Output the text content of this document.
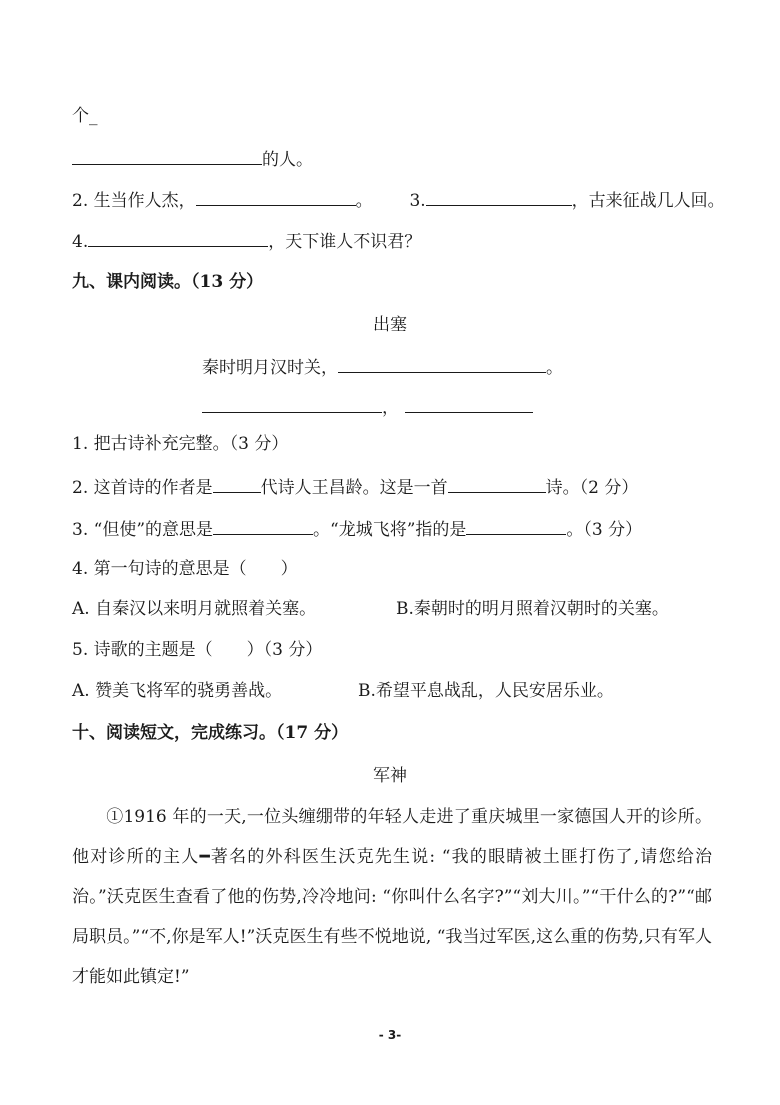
个_
的人。
2. 生当作人杰，	。 3.	，古来征战几人回。
4.	，天下谁人不识君？
九、课内阅读。（13 分）
出塞
秦时明月汉时关，	。
，
1. 把古诗补充完整。（3 分）
2. 这首诗的作者是	代诗人王昌龄。这是一首	诗。（2 分）
3. “但使”的意思是	。“龙城飞将”指的是	。（3 分）
4. 第一句诗的意思是（　　）
A. 自秦汉以来明月就照着关塞。	B.秦朝时的明月照着汉朝时的关塞。
5. 诗歌的主题是（　　）（3 分）
A. 赞美飞将军的骁勇善战。	B.希望平息战乱，人民安居乐业。
十、阅读短文，完成练习。（17 分）
军神
①1916 年的一天,一位头缠绷带的年轻人走进了重庆城里一家德国人开的诊所。他对诊所的主人━著名的外科医生沃克先生说: “我的眼睛被土匪打伤了,请您给治治。”沃克医生查看了他的伤势,冷冷地问: “你叫什么名字?”“刘大川。”“干什么的?”“邮局职员。”“不,你是军人!”沃克医生有些不悦地说, “我当过军医,这么重的伤势,只有军人才能如此镇定!”
- 3-
